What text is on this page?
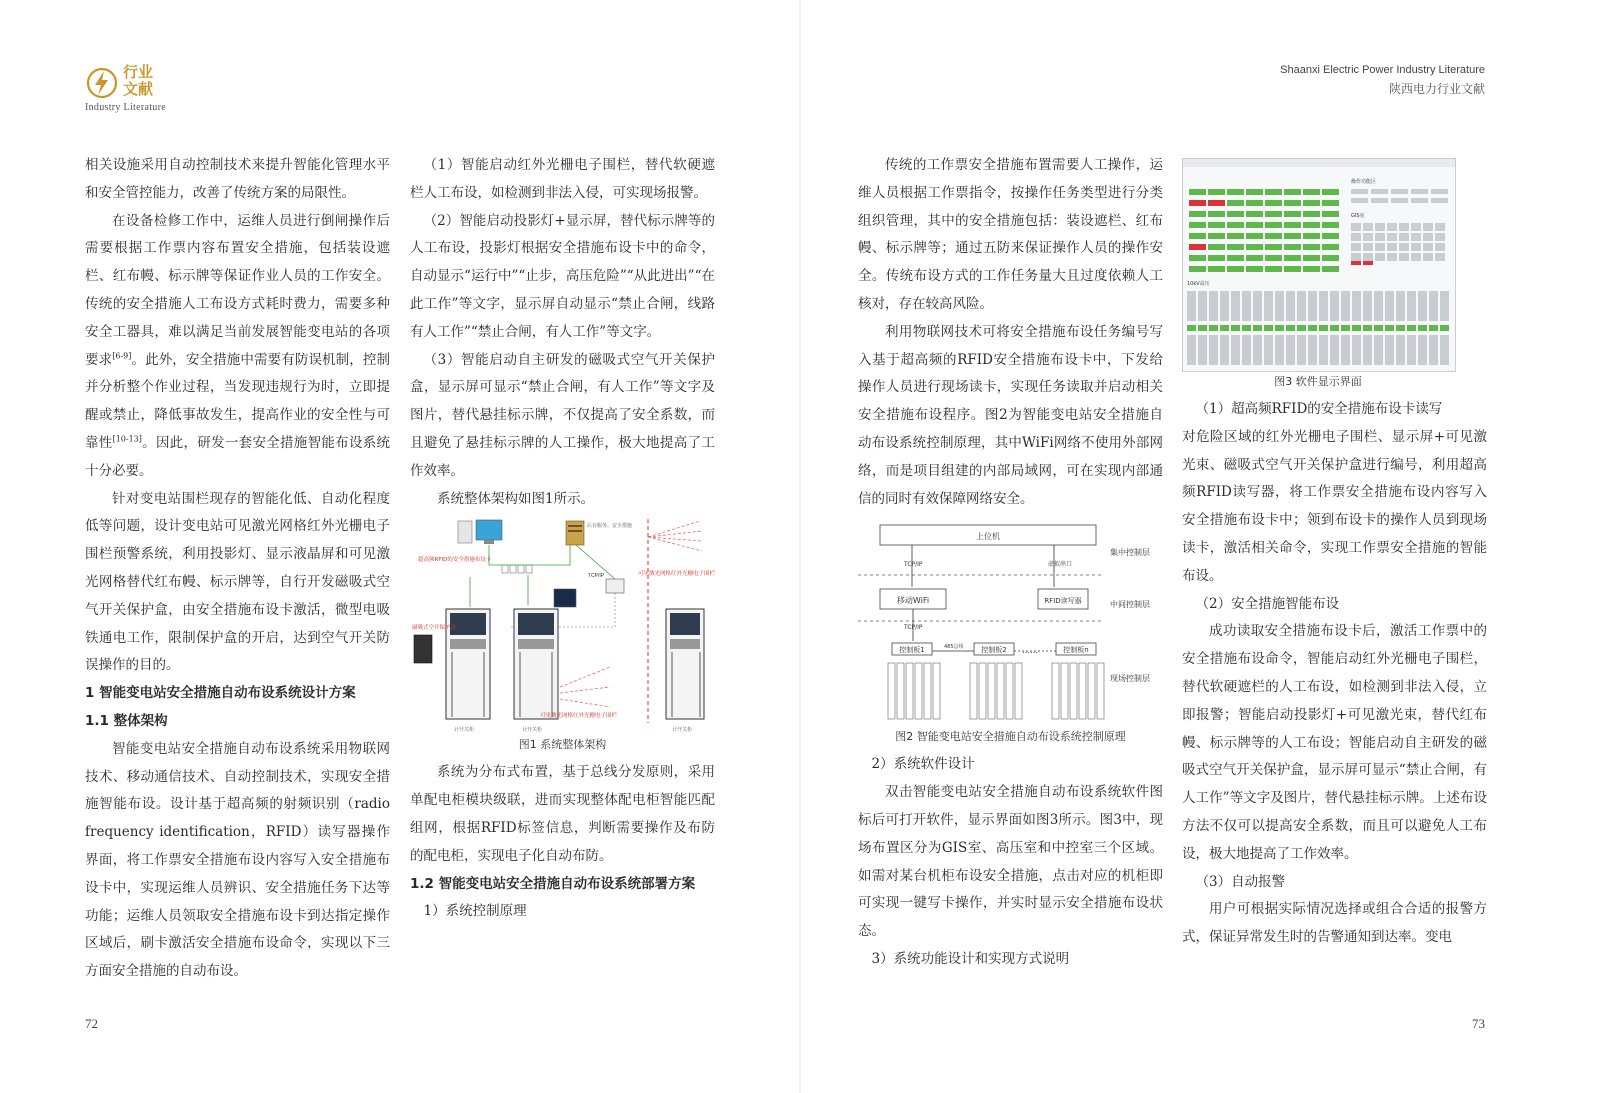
行业
文献
Industry Literature

相关设施采用自动控制技术来提升智能化管理水平和安全管控能力，改善了传统方案的局限性。

在设备检修工作中，运维人员进行倒闸操作后需要根据工作票内容布置安全措施，包括装设遮栏、红布幔、标示牌等保证作业人员的工作安全。传统的安全措施人工布设方式耗时费力，需要多种安全工器具，难以满足当前发展智能变电站的各项要求[6-9]。此外，安全措施中需要有防误机制，控制并分析整个作业过程，当发现违规行为时，立即提醒或禁止，降低事故发生，提高作业的安全性与可靠性[10-13]。因此，研发一套安全措施智能布设系统十分必要。

针对变电站围栏现存的智能化低、自动化程度低等问题，设计变电站可见激光网格红外光栅电子围栏预警系统，利用投影灯、显示液晶屏和可见激光网格替代红布幔、标示牌等，自行开发磁吸式空气开关保护盒，由安全措施布设卡激活，微型电吸铁通电工作，限制保护盒的开启，达到空气开关防误操作的目的。

1 智能变电站安全措施自动布设系统设计方案
1.1 整体架构

智能变电站安全措施自动布设系统采用物联网技术、移动通信技术、自动控制技术，实现安全措施智能布设。设计基于超高频的射频识别（radio frequency identification，RFID）读写器操作界面，将工作票安全措施布设内容写入安全措施布设卡中，实现运维人员辨识、安全措施任务下达等功能；运维人员领取安全措施布设卡到达指定操作区域后，刷卡激活安全措施布设命令，实现以下三方面安全措施的自动布设。

（1）智能启动红外光栅电子围栏，替代软硬遮栏人工布设，如检测到非法入侵，可实现场报警。

（2）智能启动投影灯+显示屏，替代标示牌等的人工布设，投影灯根据安全措施布设卡中的命令，自动显示“运行中”“止步，高压危险”“从此进出”“在此工作”等文字，显示屏自动显示“禁止合闸，线路有人工作”“禁止合闸，有人工作”等文字。

（3）智能启动自主研发的磁吸式空气开关保护盒，显示屏可显示“禁止合闸，有人工作”等文字及图片，替代悬挂标示牌，不仅提高了安全系数，而且避免了悬挂标示牌的人工操作，极大地提高了工作效率。

系统整体架构如图1所示。

后台服务、安全措施
超高频RFID的安全措施布设卡
TCP/IP	可见激光网格红外光栅电子围栏
磁吸式空开保护盒
可见激光网格红外光栅电子围栏
计开关柜	计开关柜	计开关柜
图1 系统整体架构

系统为分布式布置，基于总线分发原则，采用单配电柜模块级联，进而实现整体配电柜智能匹配组网，根据RFID标签信息，判断需要操作及布防的配电柜，实现电子化自动布防。

1.2 智能变电站安全措施自动布设系统部署方案

1）系统控制原理

72
Shaanxi Electric Power Industry Literature
陕西电力行业文献

传统的工作票安全措施布置需要人工操作，运维人员根据工作票指令，按操作任务类型进行分类组织管理，其中的安全措施包括：装设遮栏、红布幔、标示牌等；通过五防来保证操作人员的操作安全。传统布设方式的工作任务量大且过度依赖人工核对，存在较高风险。

利用物联网技术可将安全措施布设任务编号写入基于超高频的RFID安全措施布设卡中，下发给操作人员进行现场读卡，实现任务读取并启动相关安全措施布设程序。图2为智能变电站安全措施自动布设系统控制原理，其中WiFi网络不使用外部网络，而是项目组建的内部局域网，可在实现内部通信的同时有效保障网络安全。

上位机
集中控制层
TCP/IP	虚拟串口
移动WiFi	RFID读写器	中间控制层
TCP/IP
控制板1	485总线	控制板2 ……	控制板n
现场控制层
图2 智能变电站安全措施自动布设系统控制原理

2）系统软件设计

双击智能变电站安全措施自动布设系统软件图标后可打开软件，显示界面如图3所示。图3中，现场布置区分为GIS室、高压室和中控室三个区域。如需对某台机柜布设安全措施，点击对应的机柜即可实现一键写卡操作，并实时显示安全措施布设状态。

3）系统功能设计和实现方式说明

操作功能区
GIS室
10kV高压
图3 软件显示界面

（1）超高频RFID的安全措施布设卡读写

对危险区域的红外光栅电子围栏、显示屏+可见激光束、磁吸式空气开关保护盒进行编号，利用超高频RFID读写器，将工作票安全措施布设内容写入安全措施布设卡中；领到布设卡的操作人员到现场读卡，激活相关命令，实现工作票安全措施的智能布设。

（2）安全措施智能布设

成功读取安全措施布设卡后，激活工作票中的安全措施布设命令，智能启动红外光栅电子围栏，替代软硬遮栏的人工布设，如检测到非法入侵，立即报警；智能启动投影灯+可见激光束，替代红布幔、标示牌等的人工布设；智能启动自主研发的磁吸式空气开关保护盒，显示屏可显示“禁止合闸，有人工作”等文字及图片，替代悬挂标示牌。上述布设方法不仅可以提高安全系数，而且可以避免人工布设，极大地提高了工作效率。

（3）自动报警

用户可根据实际情况选择或组合合适的报警方式，保证异常发生时的告警通知到达率。变电

73
